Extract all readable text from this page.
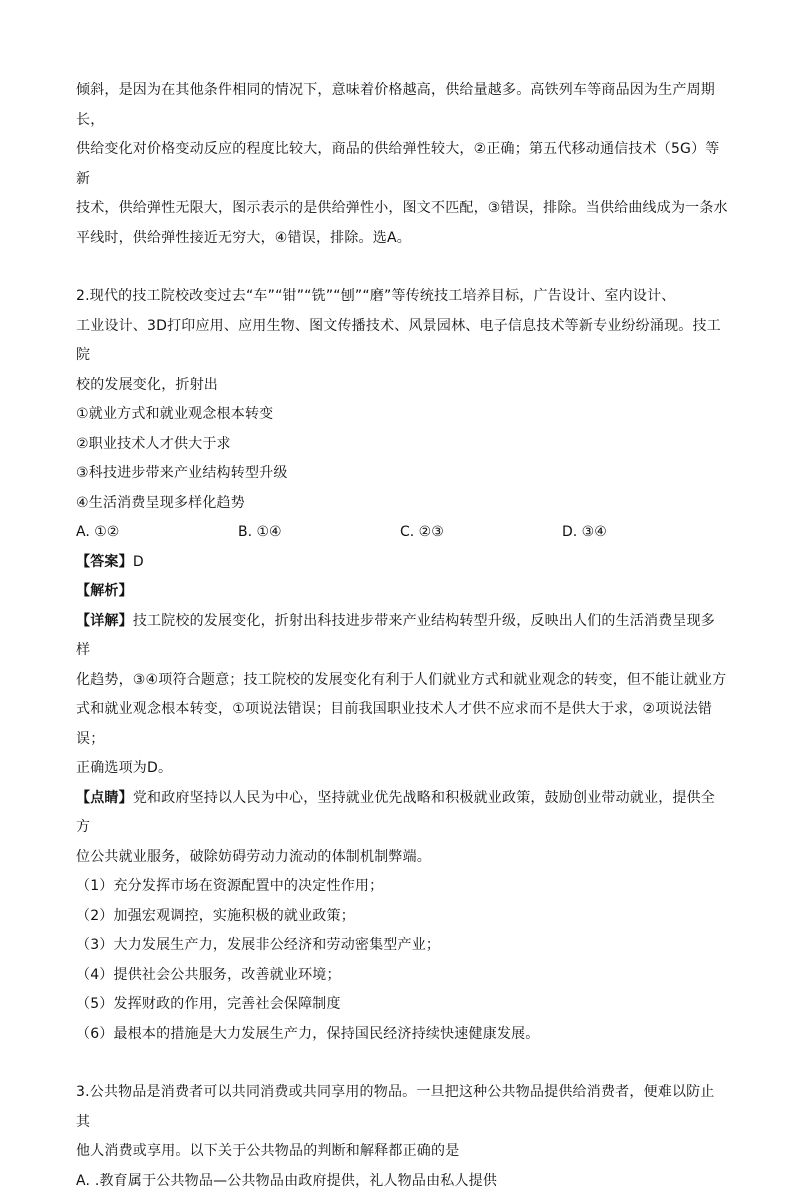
倾斜，是因为在其他条件相同的情况下，意味着价格越高，供给量越多。高铁列车等商品因为生产周期长，

供给变化对价格变动反应的程度比较大，商品的供给弹性较大，②正确；第五代移动通信技术（5G）等新

技术，供给弹性无限大，图示表示的是供给弹性小，图文不匹配，③错误，排除。当供给曲线成为一条水

平线时，供给弹性接近无穷大，④错误，排除。选A。

2.现代的技工院校改变过去“车”“钳”“铣”“刨”“磨”等传统技工培养目标，广告设计、室内设计、

工业设计、3D打印应用、应用生物、图文传播技术、风景园林、电子信息技术等新专业纷纷涌现。技工院

校的发展变化，折射出

①就业方式和就业观念根本转变

②职业技术人才供大于求

③科技进步带来产业结构转型升级

④生活消费呈现多样化趋势

A. ①②	B. ①④	C. ②③	D. ③④

【答案】D

【解析】

【详解】技工院校的发展变化，折射出科技进步带来产业结构转型升级，反映出人们的生活消费呈现多样

化趋势，③④项符合题意；技工院校的发展变化有利于人们就业方式和就业观念的转变，但不能让就业方

式和就业观念根本转变，①项说法错误；目前我国职业技术人才供不应求而不是供大于求，②项说法错误；

正确选项为D。

【点睛】党和政府坚持以人民为中心，坚持就业优先战略和积极就业政策，鼓励创业带动就业，提供全方

位公共就业服务，破除妨碍劳动力流动的体制机制弊端。

（1）充分发挥市场在资源配置中的决定性作用；

（2）加强宏观调控，实施积极的就业政策；

（3）大力发展生产力，发展非公经济和劳动密集型产业；

（4）提供社会公共服务，改善就业环境；

（5）发挥财政的作用，完善社会保障制度

（6）最根本的措施是大力发展生产力，保持国民经济持续快速健康发展。

3.公共物品是消费者可以共同消费或共同享用的物品。一旦把这种公共物品提供给消费者，便难以防止其

他人消费或享用。以下关于公共物品的判断和解释都正确的是

A. .教育属于公共物品—公共物品由政府提供，礼人物品由私人提供
